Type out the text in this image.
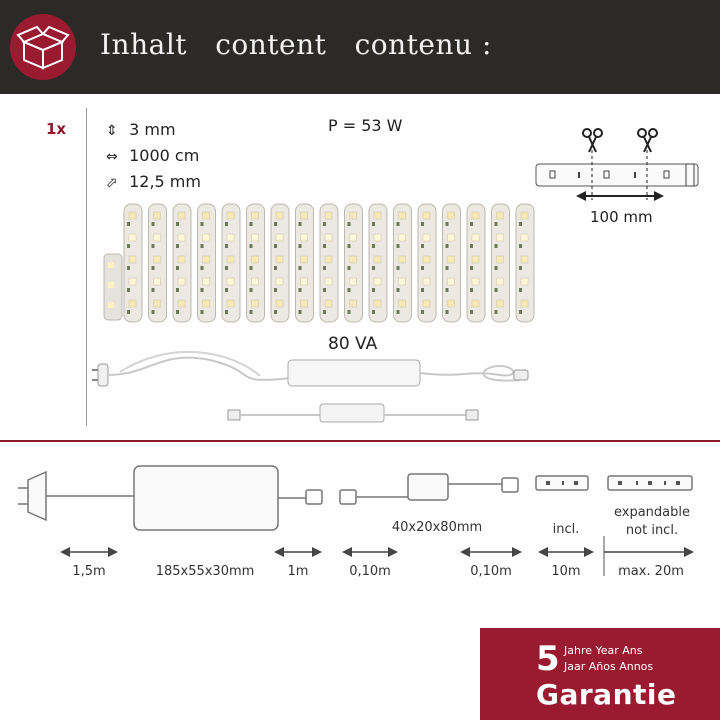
Inhalt   content   contenu :
1x	⇕ 3 mm
⇔ 1000 cm
⬀ 12,5 mm
P = 53 W
80 VA
100 mm
1,5m	185x55x30mm	1m	0,10m
40x20x80mm
0,10m	10m
incl.
expandable
not incl.
max. 20m
5 Jahre Year Ans
Jaar Años Annos
Garantie
